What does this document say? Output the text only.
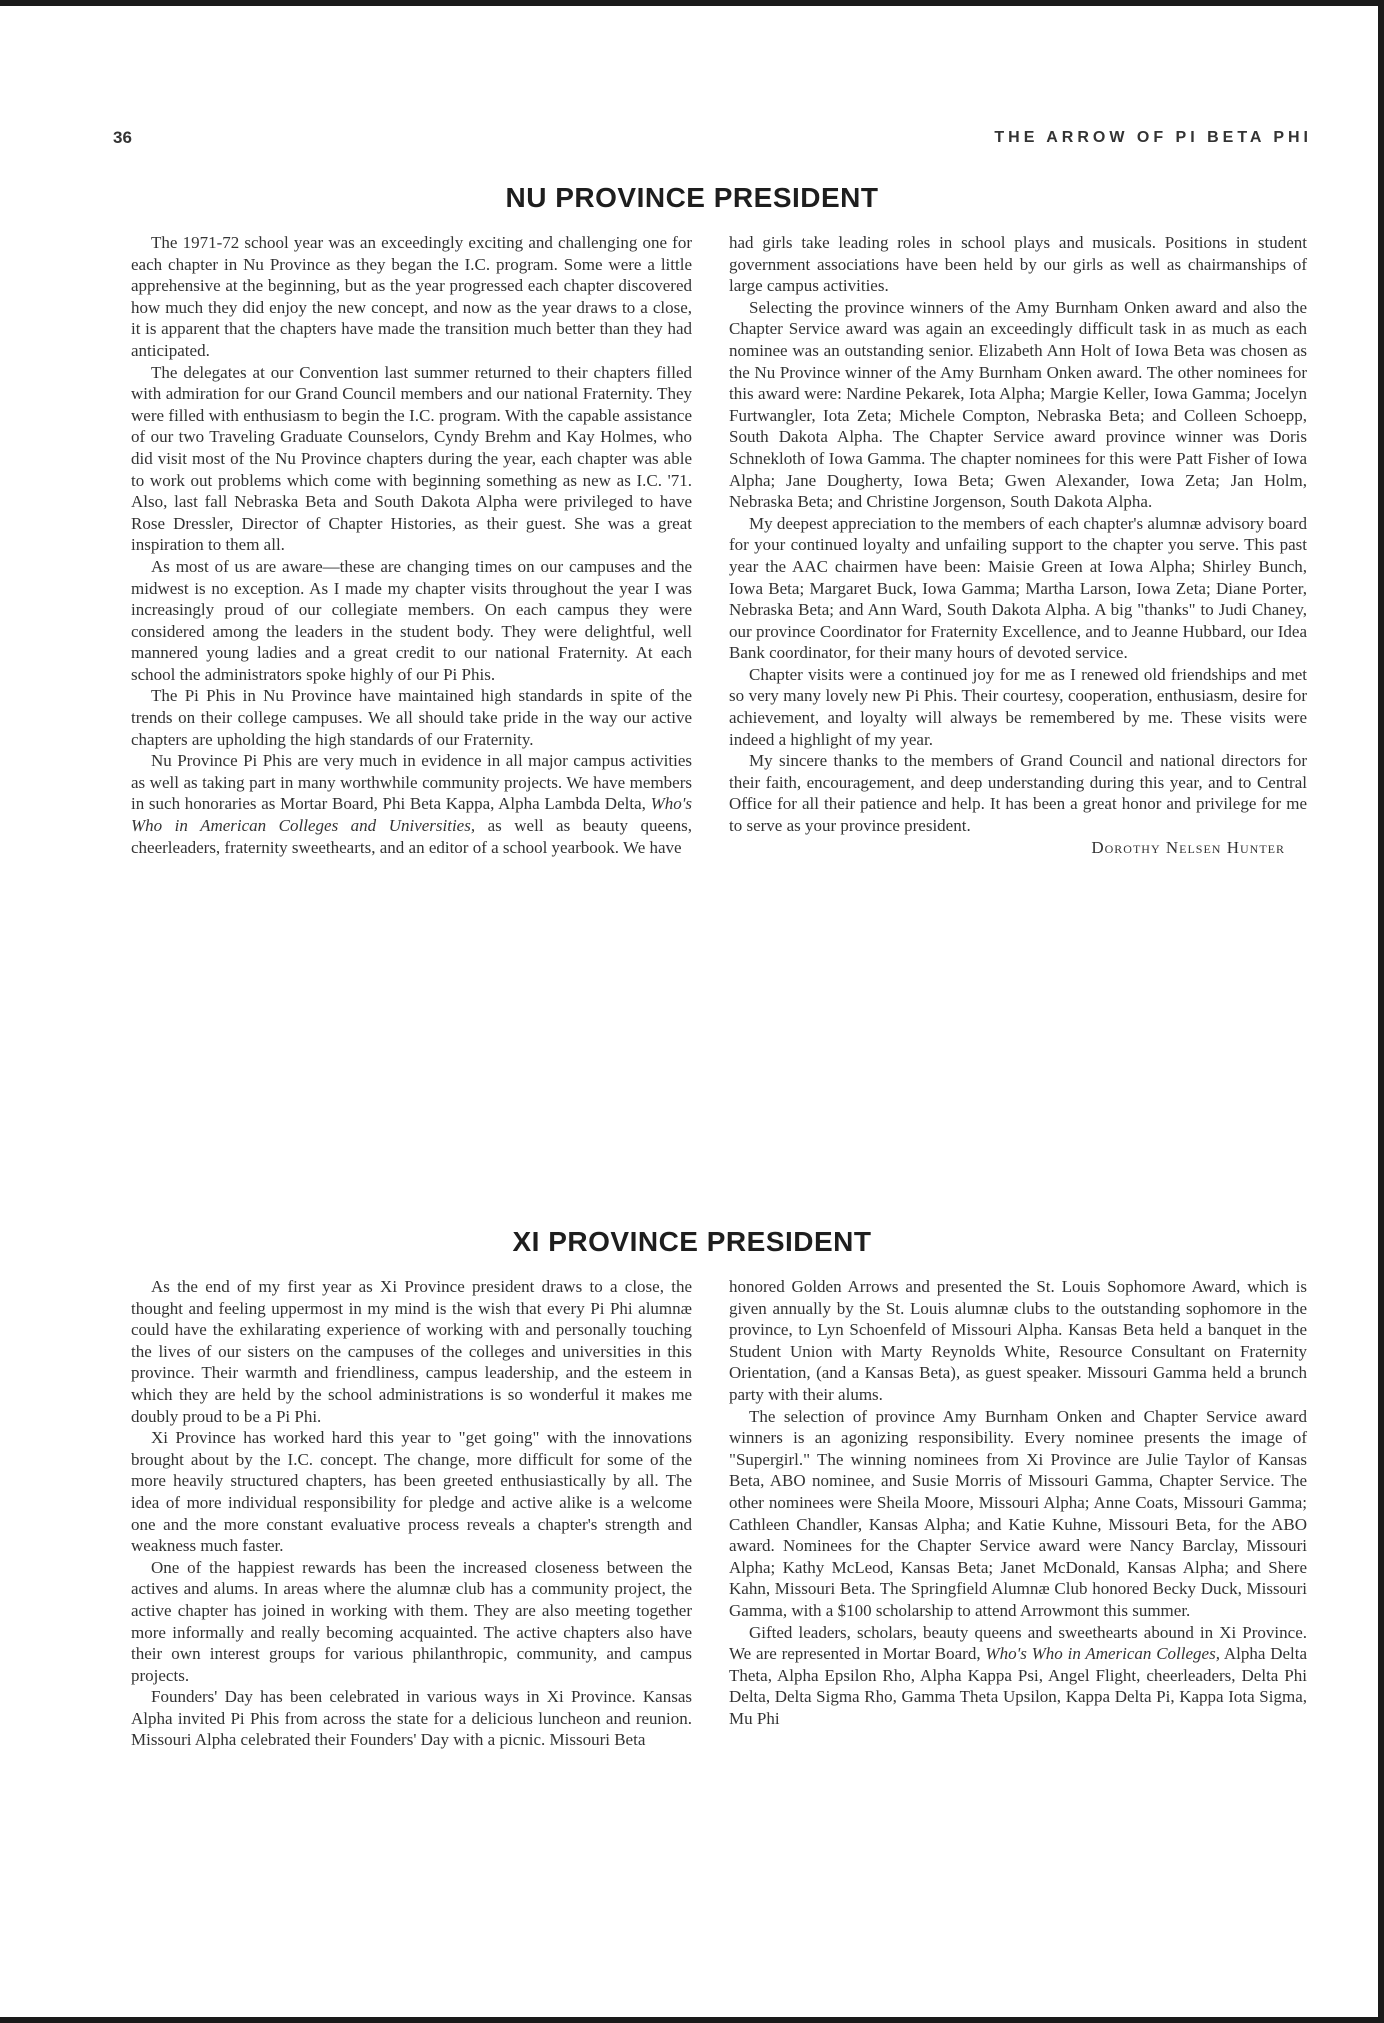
36	THE ARROW OF PI BETA PHI
NU PROVINCE PRESIDENT

The 1971-72 school year was an exceedingly exciting and challenging one for each chapter in Nu Province as they began the I.C. program. Some were a little apprehensive at the beginning, but as the year progressed each chapter discovered how much they did enjoy the new concept, and now as the year draws to a close, it is apparent that the chapters have made the transition much better than they had anticipated.

The delegates at our Convention last summer returned to their chapters filled with admiration for our Grand Council members and our national Fraternity. They were filled with enthusiasm to begin the I.C. program. With the capable assistance of our two Traveling Graduate Counselors, Cyndy Brehm and Kay Holmes, who did visit most of the Nu Province chapters during the year, each chapter was able to work out problems which come with beginning something as new as I.C. '71. Also, last fall Nebraska Beta and South Dakota Alpha were privileged to have Rose Dressler, Director of Chapter Histories, as their guest. She was a great inspiration to them all.

As most of us are aware—these are changing times on our campuses and the midwest is no exception. As I made my chapter visits throughout the year I was increasingly proud of our collegiate members. On each campus they were considered among the leaders in the student body. They were delightful, well mannered young ladies and a great credit to our national Fraternity. At each school the administrators spoke highly of our Pi Phis.

The Pi Phis in Nu Province have maintained high standards in spite of the trends on their college campuses. We all should take pride in the way our active chapters are upholding the high standards of our Fraternity.

Nu Province Pi Phis are very much in evidence in all major campus activities as well as taking part in many worthwhile community projects. We have members in such honoraries as Mortar Board, Phi Beta Kappa, Alpha Lambda Delta, Who's Who in American Colleges and Universities, as well as beauty queens, cheerleaders, fraternity sweethearts, and an editor of a school yearbook. We have

had girls take leading roles in school plays and musicals. Positions in student government associations have been held by our girls as well as chairmanships of large campus activities.

Selecting the province winners of the Amy Burnham Onken award and also the Chapter Service award was again an exceedingly difficult task in as much as each nominee was an outstanding senior. Elizabeth Ann Holt of Iowa Beta was chosen as the Nu Province winner of the Amy Burnham Onken award. The other nominees for this award were: Nardine Pekarek, Iota Alpha; Margie Keller, Iowa Gamma; Jocelyn Furtwangler, Iota Zeta; Michele Compton, Nebraska Beta; and Colleen Schoepp, South Dakota Alpha. The Chapter Service award province winner was Doris Schnekloth of Iowa Gamma. The chapter nominees for this were Patt Fisher of Iowa Alpha; Jane Dougherty, Iowa Beta; Gwen Alexander, Iowa Zeta; Jan Holm, Nebraska Beta; and Christine Jorgenson, South Dakota Alpha.

My deepest appreciation to the members of each chapter's alumnæ advisory board for your continued loyalty and unfailing support to the chapter you serve. This past year the AAC chairmen have been: Maisie Green at Iowa Alpha; Shirley Bunch, Iowa Beta; Margaret Buck, Iowa Gamma; Martha Larson, Iowa Zeta; Diane Porter, Nebraska Beta; and Ann Ward, South Dakota Alpha. A big "thanks" to Judi Chaney, our province Coordinator for Fraternity Excellence, and to Jeanne Hubbard, our Idea Bank coordinator, for their many hours of devoted service.

Chapter visits were a continued joy for me as I renewed old friendships and met so very many lovely new Pi Phis. Their courtesy, cooperation, enthusiasm, desire for achievement, and loyalty will always be remembered by me. These visits were indeed a highlight of my year.

My sincere thanks to the members of Grand Council and national directors for their faith, encouragement, and deep understanding during this year, and to Central Office for all their patience and help. It has been a great honor and privilege for me to serve as your province president.

Dorothy Nelsen Hunter

XI PROVINCE PRESIDENT

As the end of my first year as Xi Province president draws to a close, the thought and feeling uppermost in my mind is the wish that every Pi Phi alumnæ could have the exhilarating experience of working with and personally touching the lives of our sisters on the campuses of the colleges and universities in this province. Their warmth and friendliness, campus leadership, and the esteem in which they are held by the school administrations is so wonderful it makes me doubly proud to be a Pi Phi.

Xi Province has worked hard this year to "get going" with the innovations brought about by the I.C. concept. The change, more difficult for some of the more heavily structured chapters, has been greeted enthusiastically by all. The idea of more individual responsibility for pledge and active alike is a welcome one and the more constant evaluative process reveals a chapter's strength and weakness much faster.

One of the happiest rewards has been the increased closeness between the actives and alums. In areas where the alumnæ club has a community project, the active chapter has joined in working with them. They are also meeting together more informally and really becoming acquainted. The active chapters also have their own interest groups for various philanthropic, community, and campus projects.

Founders' Day has been celebrated in various ways in Xi Province. Kansas Alpha invited Pi Phis from across the state for a delicious luncheon and reunion. Missouri Alpha celebrated their Founders' Day with a picnic. Missouri Beta

honored Golden Arrows and presented the St. Louis Sophomore Award, which is given annually by the St. Louis alumnæ clubs to the outstanding sophomore in the province, to Lyn Schoenfeld of Missouri Alpha. Kansas Beta held a banquet in the Student Union with Marty Reynolds White, Resource Consultant on Fraternity Orientation, (and a Kansas Beta), as guest speaker. Missouri Gamma held a brunch party with their alums.

The selection of province Amy Burnham Onken and Chapter Service award winners is an agonizing responsibility. Every nominee presents the image of "Supergirl." The winning nominees from Xi Province are Julie Taylor of Kansas Beta, ABO nominee, and Susie Morris of Missouri Gamma, Chapter Service. The other nominees were Sheila Moore, Missouri Alpha; Anne Coats, Missouri Gamma; Cathleen Chandler, Kansas Alpha; and Katie Kuhne, Missouri Beta, for the ABO award. Nominees for the Chapter Service award were Nancy Barclay, Missouri Alpha; Kathy McLeod, Kansas Beta; Janet McDonald, Kansas Alpha; and Shere Kahn, Missouri Beta. The Springfield Alumnæ Club honored Becky Duck, Missouri Gamma, with a $100 scholarship to attend Arrowmont this summer.

Gifted leaders, scholars, beauty queens and sweethearts abound in Xi Province. We are represented in Mortar Board, Who's Who in American Colleges, Alpha Delta Theta, Alpha Epsilon Rho, Alpha Kappa Psi, Angel Flight, cheerleaders, Delta Phi Delta, Delta Sigma Rho, Gamma Theta Upsilon, Kappa Delta Pi, Kappa Iota Sigma, Mu Phi
